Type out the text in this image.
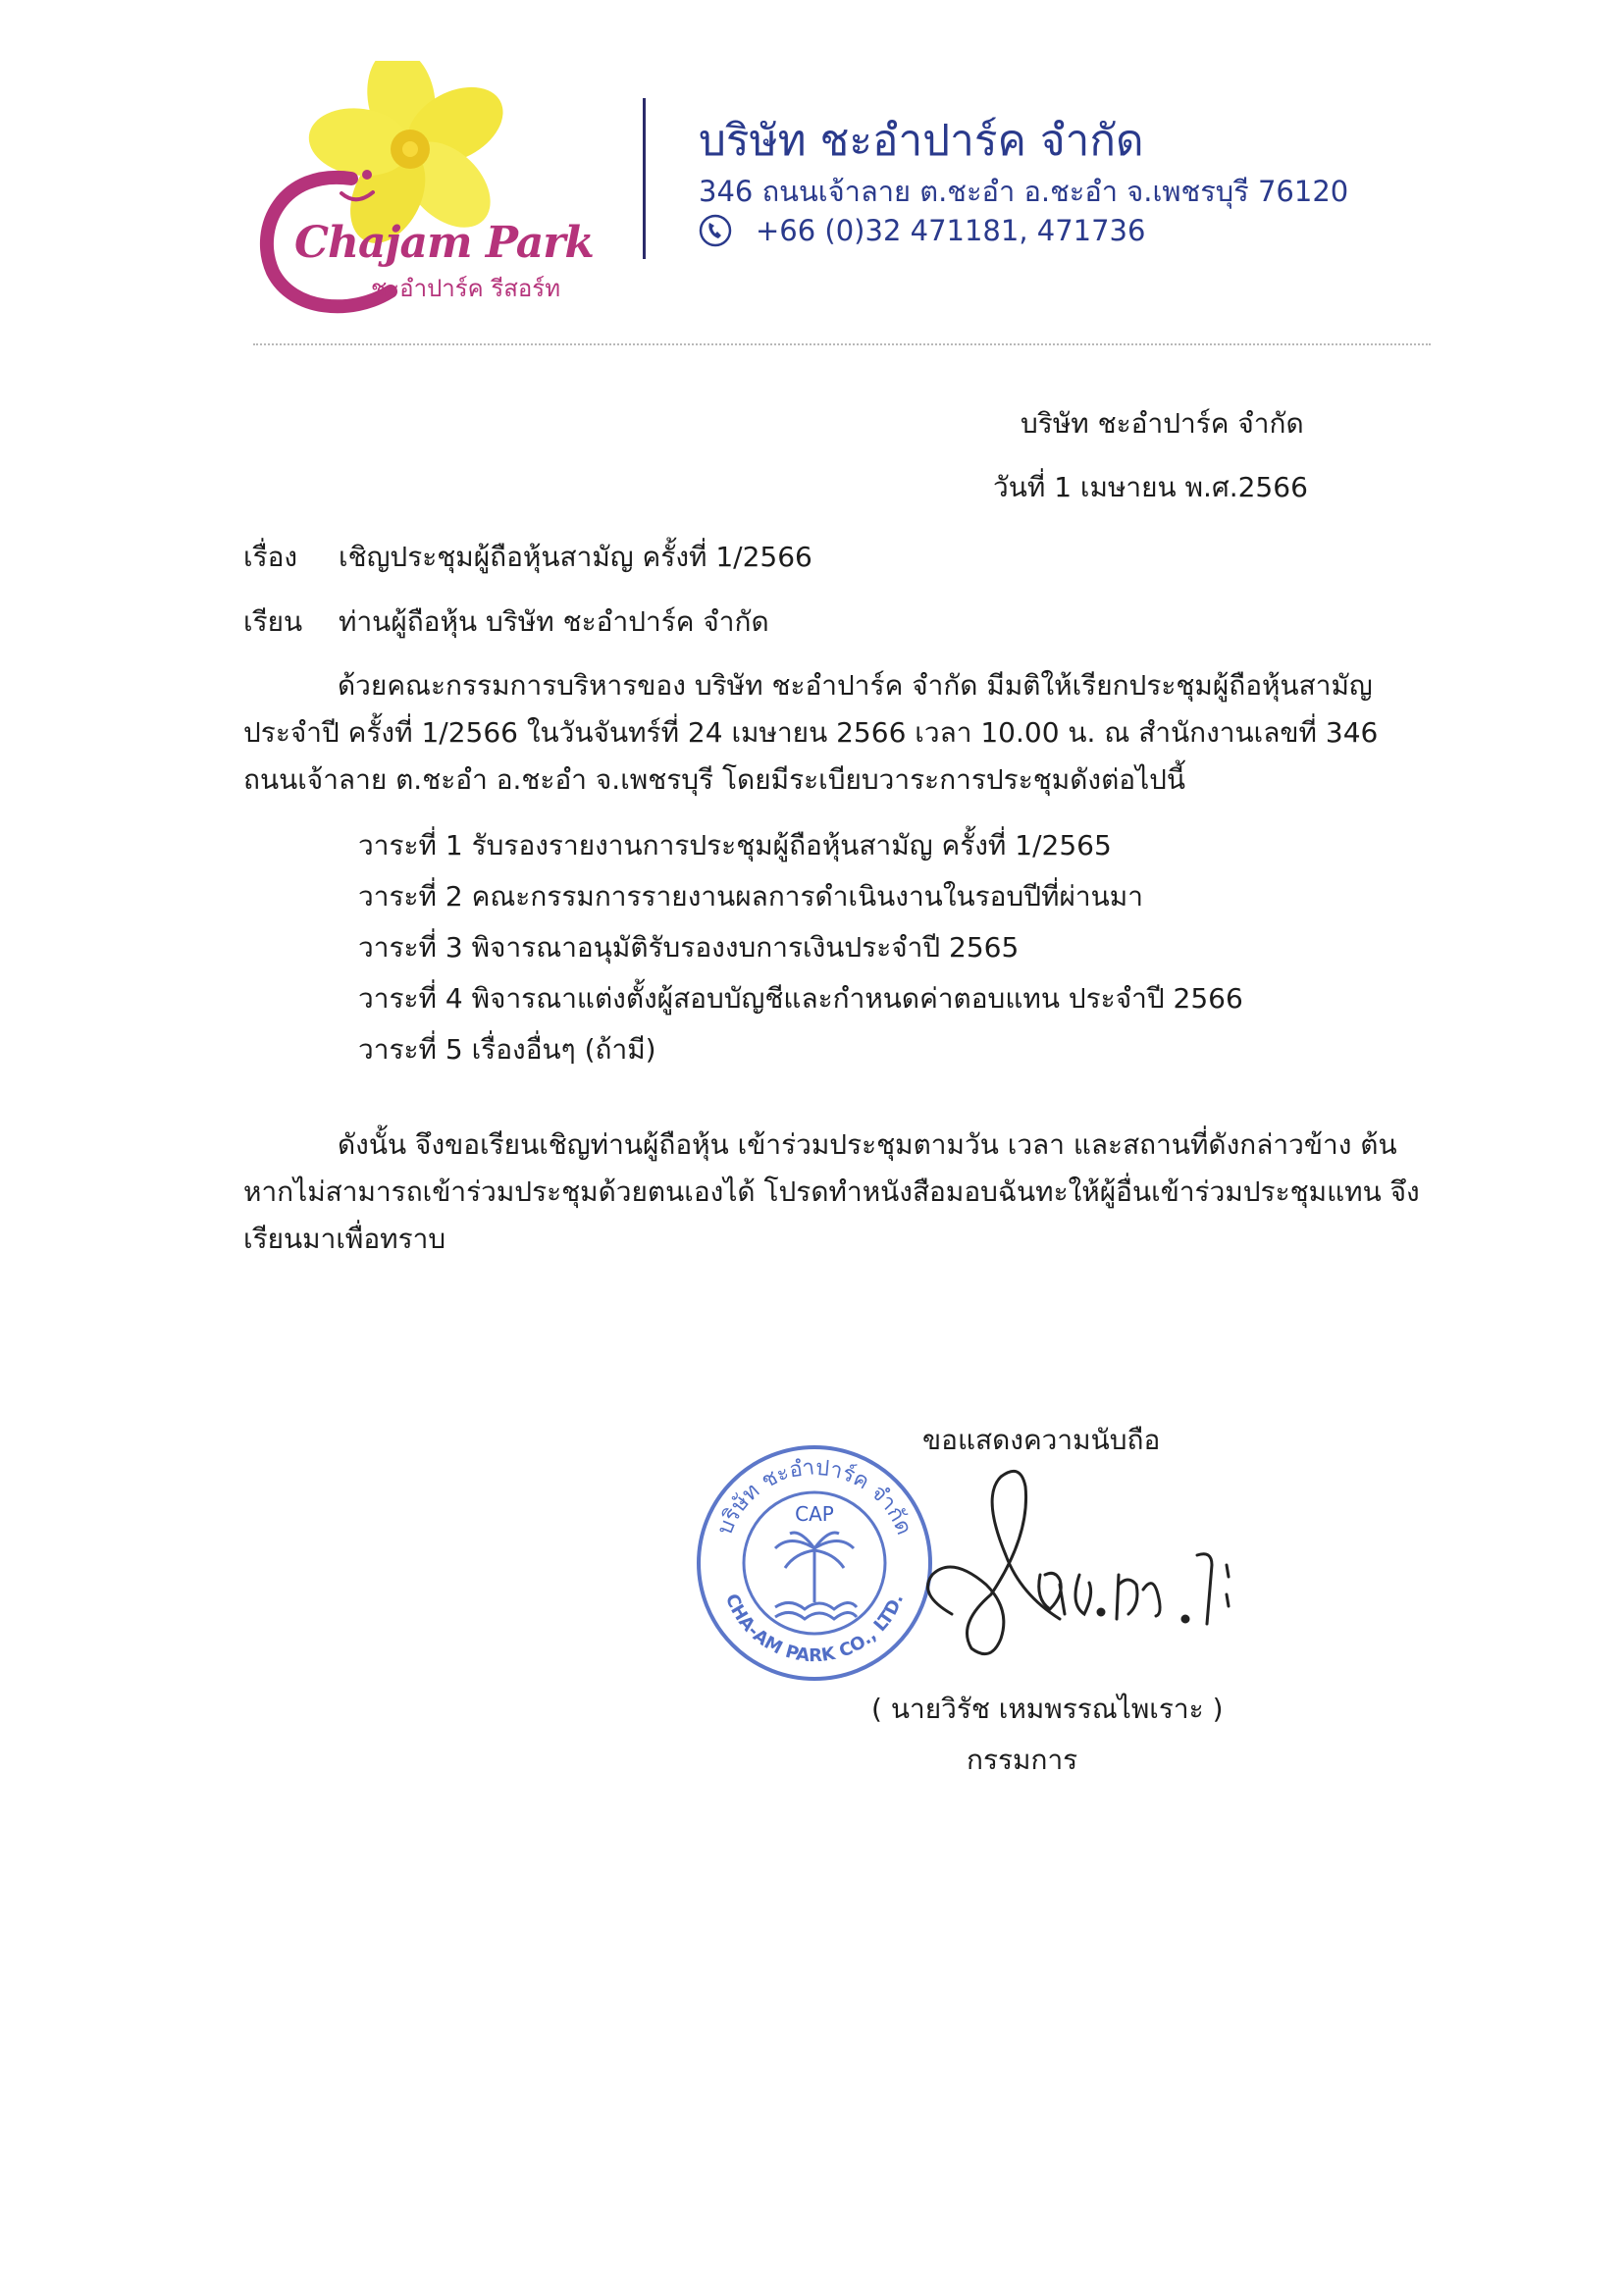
Chajam Park
ชะอำปาร์ค รีสอร์ท
บริษัท ชะอำปาร์ค จำกัด
346 ถนนเจ้าลาย ต.ชะอำ อ.ชะอำ จ.เพชรบุรี 76120
+66 (0)32 471181, 471736
บริษัท ชะอำปาร์ค จำกัด
วันที่ 1 เมษายน พ.ศ.2566
เรื่อง เชิญประชุมผู้ถือหุ้นสามัญ ครั้งที่ 1/2566
เรียน ท่านผู้ถือหุ้น บริษัท ชะอำปาร์ค จำกัด
ด้วยคณะกรรมการบริหารของ บริษัท ชะอำปาร์ค จำกัด มีมติให้เรียกประชุมผู้ถือหุ้นสามัญ ประจำปี ครั้งที่ 1/2566 ในวันจันทร์ที่ 24 เมษายน 2566 เวลา 10.00 น. ณ สำนักงานเลขที่ 346 ถนนเจ้าลาย ต.ชะอำ อ.ชะอำ จ.เพชรบุรี โดยมีระเบียบวาระการประชุมดังต่อไปนี้
วาระที่ 1 รับรองรายงานการประชุมผู้ถือหุ้นสามัญ ครั้งที่ 1/2565
วาระที่ 2 คณะกรรมการรายงานผลการดำเนินงานในรอบปีที่ผ่านมา
วาระที่ 3 พิจารณาอนุมัติรับรองงบการเงินประจำปี 2565
วาระที่ 4 พิจารณาแต่งตั้งผู้สอบบัญชีและกำหนดค่าตอบแทน ประจำปี 2566
วาระที่ 5 เรื่องอื่นๆ (ถ้ามี)
ดังนั้น จึงขอเรียนเชิญท่านผู้ถือหุ้น เข้าร่วมประชุมตามวัน เวลา และสถานที่ดังกล่าวข้าง ต้น หากไม่สามารถเข้าร่วมประชุมด้วยตนเองได้ โปรดทำหนังสือมอบฉันทะให้ผู้อื่นเข้าร่วมประชุมแทน จึงเรียนมาเพื่อทราบ
ขอแสดงความนับถือ
บริษัท ชะอำปาร์ค จำกัด
CHA-AM PARK CO., LTD.
CAP
( นายวิรัช เหมพรรณไพเราะ )
กรรมการ
